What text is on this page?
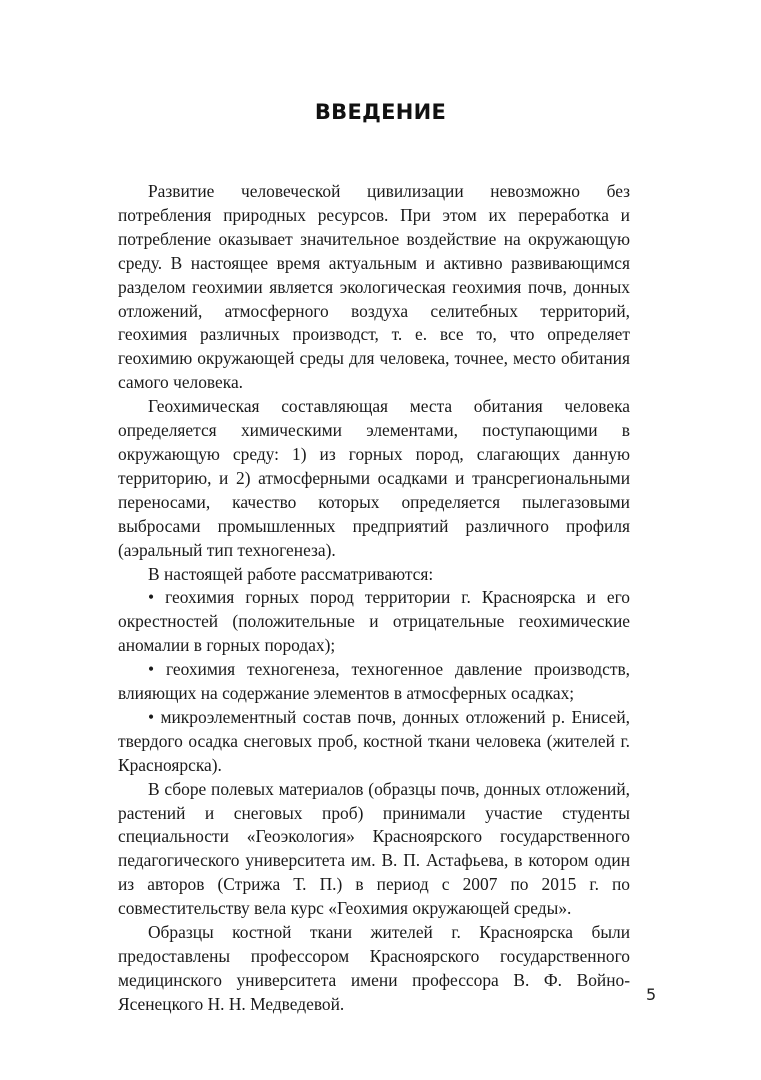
ВВЕДЕНИЕ

Развитие человеческой цивилизации невозможно без потребления природных ресурсов. При этом их переработка и потребление оказывает значительное воздействие на окружающую среду. В настоящее время актуальным и активно развивающимся разделом геохимии является экологическая геохимия почв, донных отложений, атмосферного воздуха селитебных территорий, геохимия различных производст, т. е. все то, что определяет геохимию окружающей среды для человека, точнее, место обитания самого человека.

Геохимическая составляющая места обитания человека определяется химическими элементами, поступающими в окружающую среду: 1) из горных пород, слагающих данную территорию, и 2) атмосферными осадками и трансрегиональными переносами, качество которых определяется пылегазовыми выбросами промышленных предприятий различного профиля (аэральный тип техногенеза).

В настоящей работе рассматриваются:

• геохимия горных пород территории г. Красноярска и его окрестностей (положительные и отрицательные геохимические аномалии в горных породах);

• геохимия техногенеза, техногенное давление производств, влияющих на содержание элементов в атмосферных осадках;

• микроэлементный состав почв, донных отложений р. Енисей, твердого осадка снеговых проб, костной ткани человека (жителей г. Красноярска).

В сборе полевых материалов (образцы почв, донных отложений, растений и снеговых проб) принимали участие студенты специальности «Геоэкология» Красноярского государственного педагогического университета им. В. П. Астафьева, в котором один из авторов (Стрижа Т. П.) в период с 2007 по 2015 г. по совместительству вела курс «Геохимия окружающей среды».

Образцы костной ткани жителей г. Красноярска были предоставлены профессором Красноярского государственного медицинского университета имени профессора В. Ф. Войно-Ясенецкого Н. Н. Медведевой.	5
